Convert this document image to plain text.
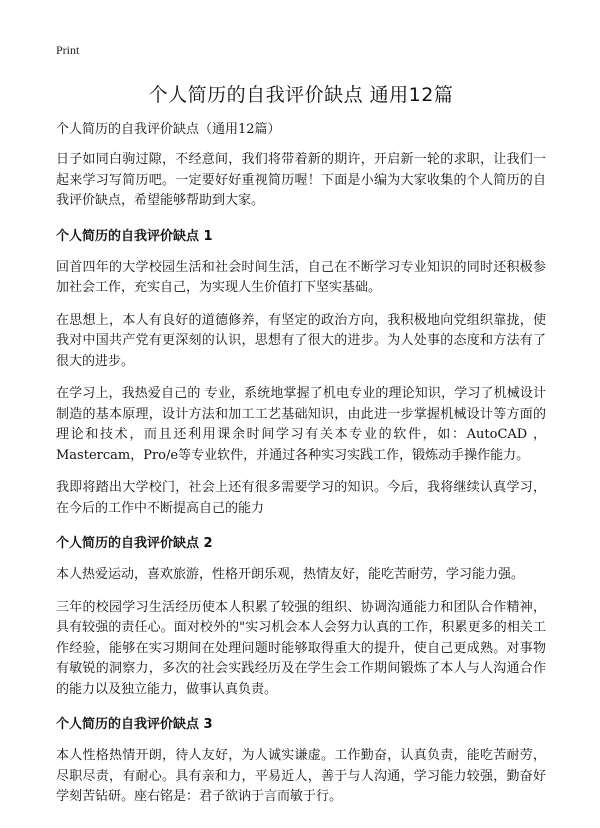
Print
个人简历的自我评价缺点 通用12篇
个人简历的自我评价缺点（通用12篇）

日子如同白驹过隙，不经意间，我们将带着新的期许，开启新一轮的求职，让我们一起来学习写简历吧。一定要好好重视简历喔！下面是小编为大家收集的个人简历的自我评价缺点，希望能够帮助到大家。

个人简历的自我评价缺点 1

回首四年的大学校园生活和社会时间生活，自己在不断学习专业知识的同时还积极参加社会工作，充实自己，为实现人生价值打下坚实基础。

在思想上，本人有良好的道德修养，有坚定的政治方向，我积极地向党组织靠拢，使我对中国共产党有更深刻的认识，思想有了很大的进步。为人处事的态度和方法有了很大的进步。

在学习上，我热爱自己的 专业，系统地掌握了机电专业的理论知识，学习了机械设计制造的基本原理，设计方法和加工工艺基础知识，由此进一步掌握机械设计等方面的理论和技术，而且还利用课余时间学习有关本专业的软件，如：AutoCAD ，Mastercam，Pro/e等专业软件，并通过各种实习实践工作，锻炼动手操作能力。

我即将踏出大学校门，社会上还有很多需要学习的知识。今后，我将继续认真学习，在今后的工作中不断提高自己的能力

个人简历的自我评价缺点 2

本人热爱运动，喜欢旅游，性格开朗乐观，热情友好，能吃苦耐劳，学习能力强。

三年的校园学习生活经历使本人积累了较强的组织、协调沟通能力和团队合作精神，具有较强的责任心。面对校外的"实习机会本人会努力认真的工作，积累更多的相关工作经验，能够在实习期间在处理问题时能够取得重大的提升，使自己更成熟。对事物有敏锐的洞察力，多次的社会实践经历及在学生会工作期间锻炼了本人与人沟通合作的能力以及独立能力，做事认真负责。

个人简历的自我评价缺点 3

本人性格热情开朗，待人友好，为人诚实谦虚。工作勤奋，认真负责，能吃苦耐劳，尽职尽责，有耐心。具有亲和力，平易近人，善于与人沟通，学习能力较强，勤奋好学刻苦钻研。座右铭是：君子欲讷于言而敏于行。
